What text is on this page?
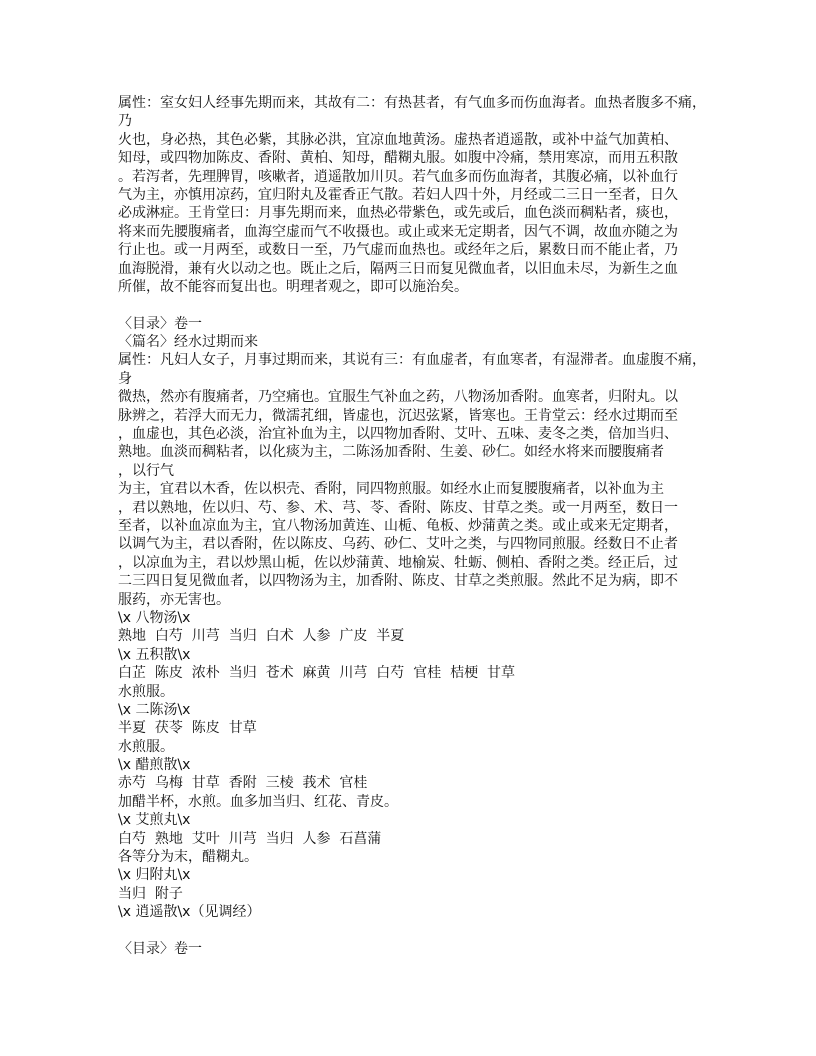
属性：室女妇人经事先期而来，其故有二：有热甚者，有气血多而伤血海者。血热者腹多不痛，
乃
火也，身必热，其色必紫，其脉必洪，宜凉血地黄汤。虚热者逍遥散，或补中益气加黄柏、
知母，或四物加陈皮、香附、黄柏、知母，醋糊丸服。如腹中冷痛，禁用寒凉，而用五积散
。若泻者，先理脾胃，咳嗽者，逍遥散加川贝。若气血多而伤血海者，其腹必痛，以补血行
气为主，亦慎用凉药，宜归附丸及霍香正气散。若妇人四十外，月经或二三日一至者，日久
必成淋症。王肯堂曰：月事先期而来，血热必带紫色，或先或后，血色淡而稠粘者，痰也，
将来而先腰腹痛者，血海空虚而气不收摄也。或止或来无定期者，因气不调，故血亦随之为
行止也。或一月两至，或数日一至，乃气虚而血热也。或经年之后，累数日而不能止者，乃
血海脱滑，兼有火以动之也。既止之后，隔两三日而复见微血者，以旧血未尽，为新生之血
所催，故不能容而复出也。明理者观之，即可以施治矣。
〈目录〉卷一
〈篇名〉经水过期而来
属性：凡妇人女子，月事过期而来，其说有三：有血虚者，有血寒者，有湿滞者。血虚腹不痛，
身
微热，然亦有腹痛者，乃空痛也。宜服生气补血之药，八物汤加香附。血寒者，归附丸。以
脉辨之，若浮大而无力，微濡芤细，皆虚也，沉迟弦紧，皆寒也。王肯堂云：经水过期而至
，血虚也，其色必淡，治宜补血为主，以四物加香附、艾叶、五味、麦冬之类，倍加当归、
熟地。血淡而稠粘者，以化痰为主，二陈汤加香附、生姜、砂仁。如经水将来而腰腹痛者
，以行气
为主，宜君以木香，佐以枳壳、香附，同四物煎服。如经水止而复腰腹痛者，以补血为主
，君以熟地，佐以归、芍、参、术、芎、苓、香附、陈皮、甘草之类。或一月两至，数日一
至者，以补血凉血为主，宜八物汤加黄连、山栀、龟板、炒蒲黄之类。或止或来无定期者，
以调气为主，君以香附，佐以陈皮、乌药、砂仁、艾叶之类，与四物同煎服。经数日不止者
，以凉血为主，君以炒黑山栀，佐以炒蒲黄、地榆炭、牡蛎、侧柏、香附之类。经正后，过
二三四日复见微血者，以四物汤为主，加香附、陈皮、甘草之类煎服。然此不足为病，即不
服药，亦无害也。
\x 八物汤\x
熟地  白芍  川芎  当归  白术  人参  广皮  半夏
\x 五积散\x
白芷  陈皮  浓朴  当归  苍术  麻黄  川芎  白芍  官桂  桔梗  甘草
水煎服。
\x 二陈汤\x
半夏  茯苓  陈皮  甘草
水煎服。
\x 醋煎散\x
赤芍  乌梅  甘草  香附  三棱  莪术  官桂
加醋半杯，水煎。血多加当归、红花、青皮。
\x 艾煎丸\x
白芍  熟地  艾叶  川芎  当归  人参  石菖蒲
各等分为末，醋糊丸。
\x 归附丸\x
当归  附子
\x 逍遥散\x（见调经）
〈目录〉卷一
